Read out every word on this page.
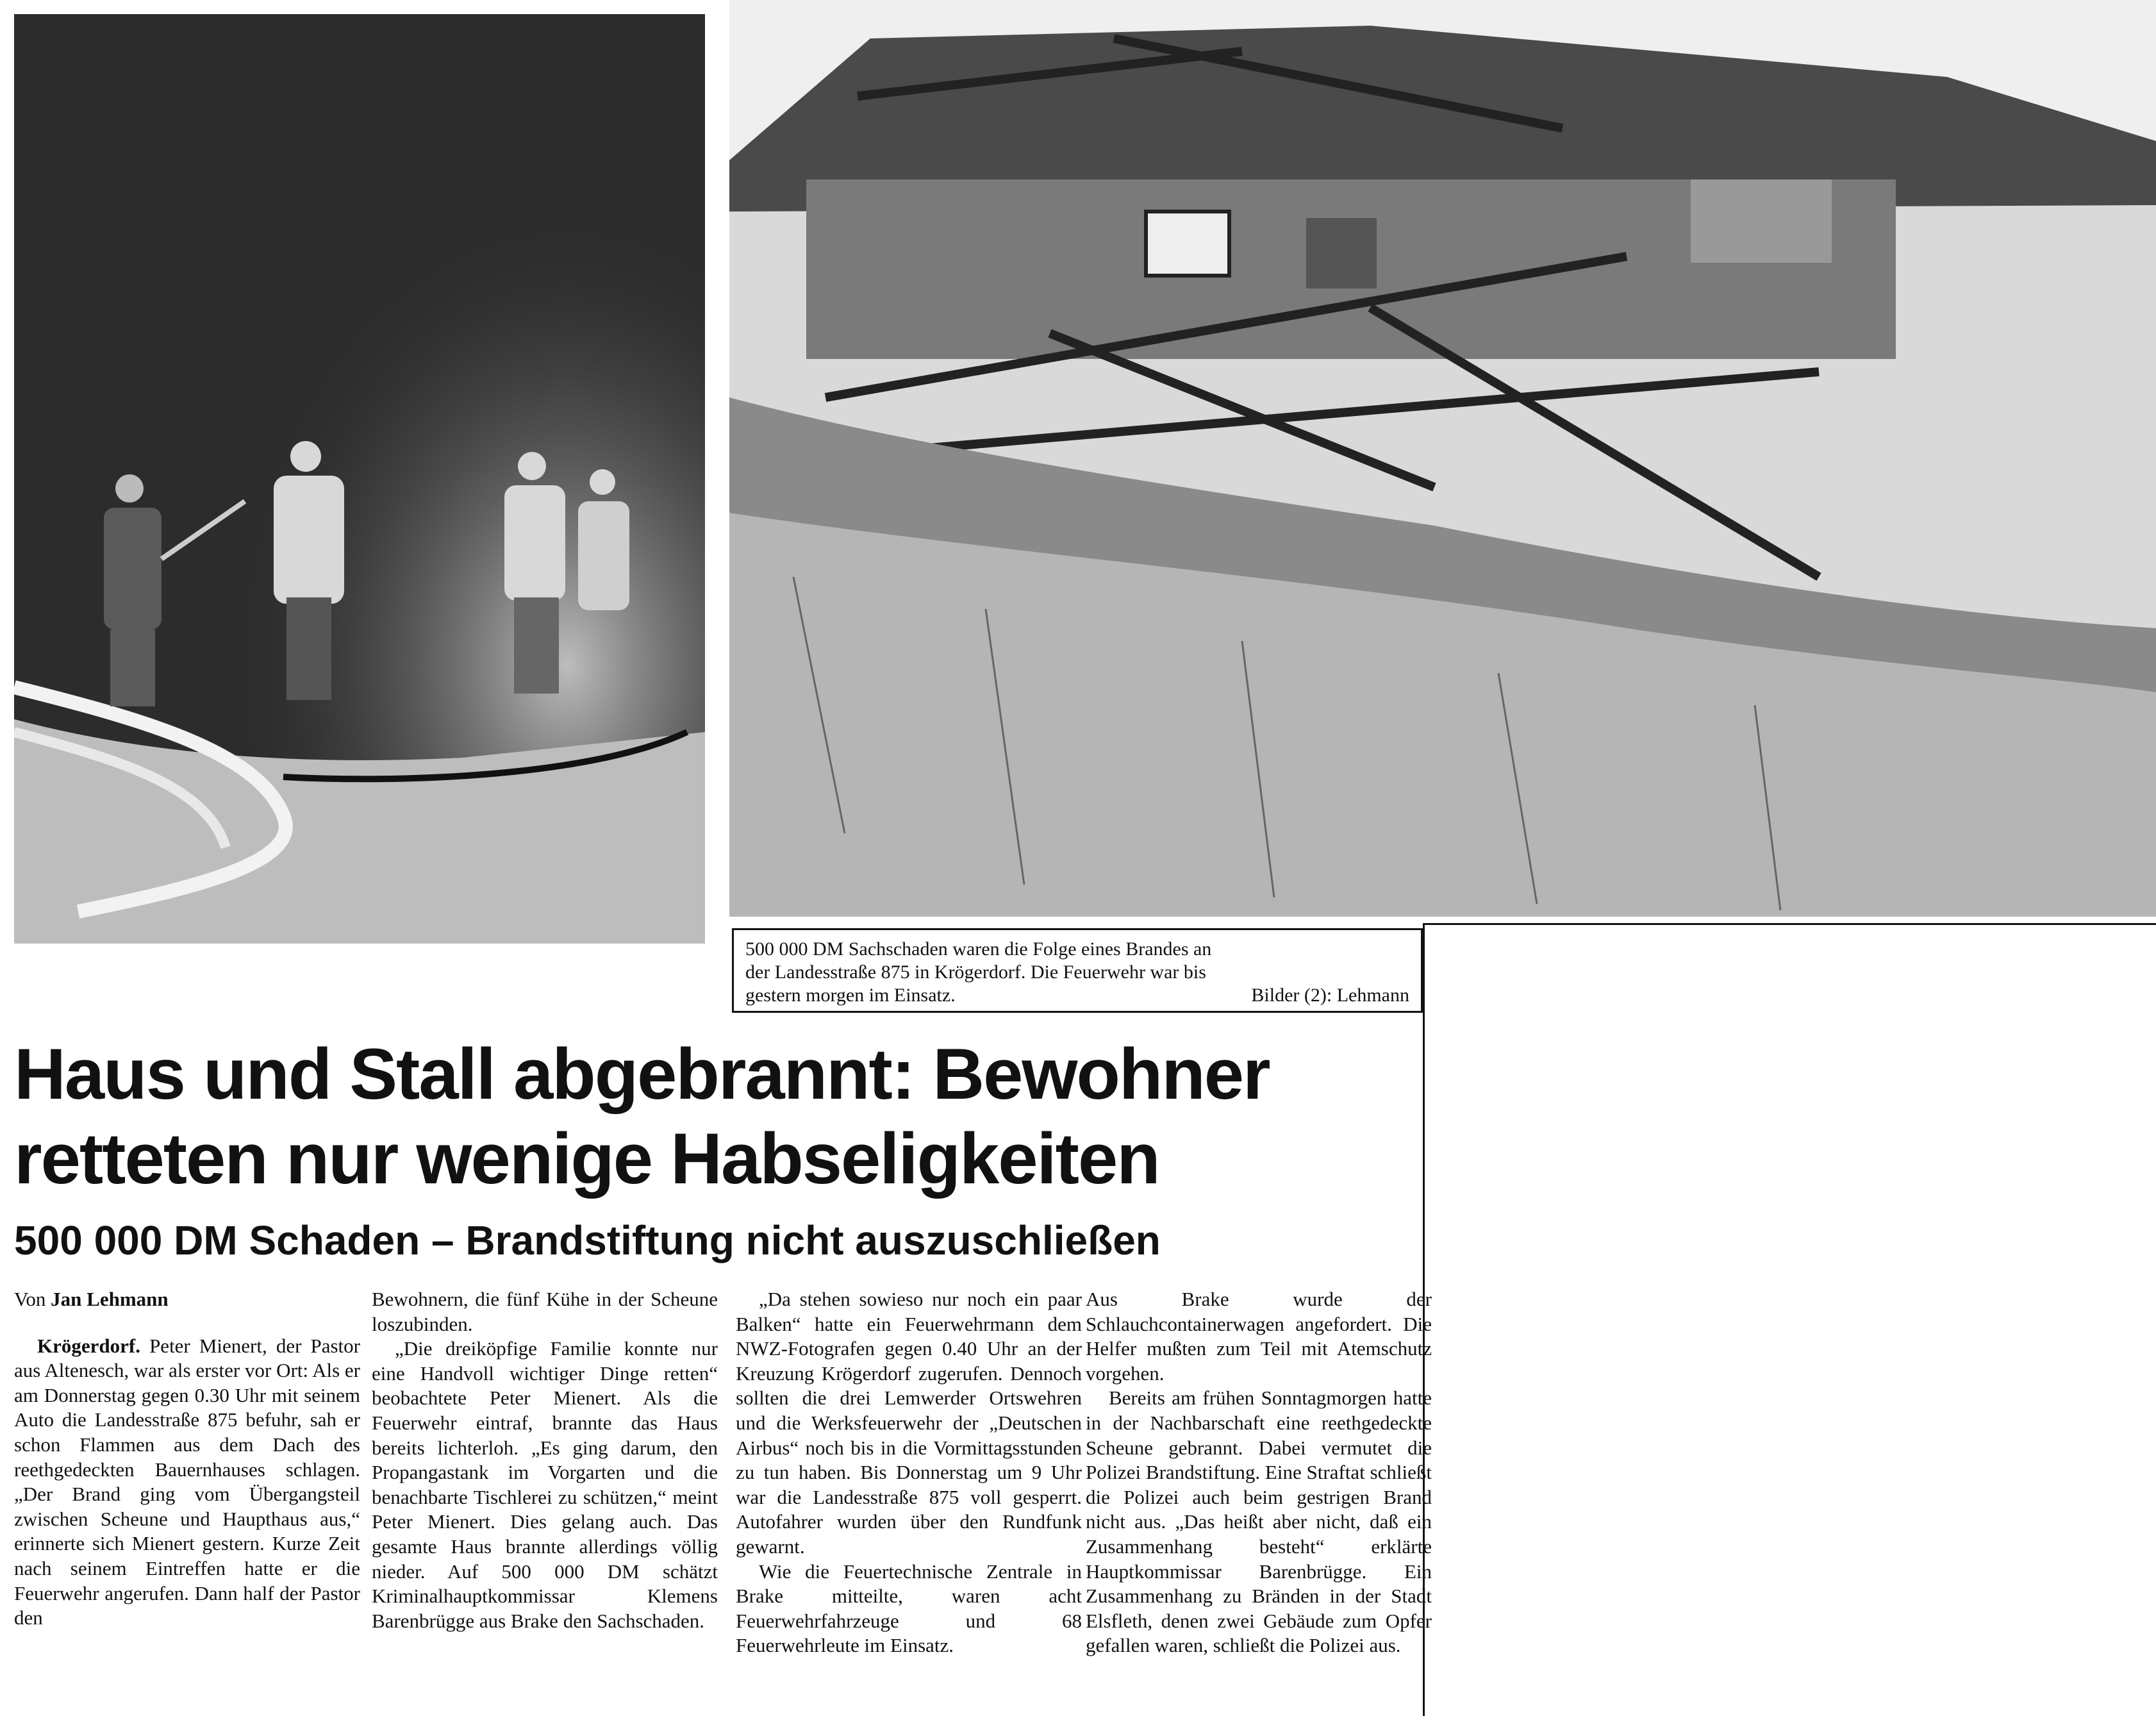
500 000 DM Sachschaden waren die Folge eines Brandes an
der Landesstraße 875 in Krögerdorf. Die Feuerwehr war bis
gestern morgen im Einsatz.	Bilder (2): Lehmann
Haus und Stall abgebrannt: Bewohner retteten nur wenige Habseligkeiten
500 000 DM Schaden – Brandstiftung nicht auszuschließen
Von Jan Lehmann

Krögerdorf. Peter Mienert, der Pastor aus Altenesch, war als erster vor Ort: Als er am Donnerstag gegen 0.30 Uhr mit seinem Auto die Landesstraße 875 befuhr, sah er schon Flammen aus dem Dach des reethgedeckten Bauernhauses schlagen. „Der Brand ging vom Übergangsteil zwischen Scheune und Haupthaus aus,“ erinnerte sich Mienert gestern. Kurze Zeit nach seinem Eintreffen hatte er die Feuerwehr angerufen. Dann half der Pastor den

Bewohnern, die fünf Kühe in der Scheune loszubinden.

„Die dreiköpfige Familie konnte nur eine Handvoll wichtiger Dinge retten“ beobachtete Peter Mienert. Als die Feuerwehr eintraf, brannte das Haus bereits lichterloh. „Es ging darum, den Propangastank im Vorgarten und die benachbarte Tischlerei zu schützen,“ meint Peter Mienert. Dies gelang auch. Das gesamte Haus brannte allerdings völlig nieder. Auf 500 000 DM schätzt Kriminalhauptkommissar Klemens Barenbrügge aus Brake den Sachschaden.

„Da stehen sowieso nur noch ein paar Balken“ hatte ein Feuerwehrmann dem NWZ-Fotografen gegen 0.40 Uhr an der Kreuzung Krögerdorf zugerufen. Dennoch sollten die drei Lemwerder Ortswehren und die Werksfeuerwehr der „Deutschen Airbus“ noch bis in die Vormittagsstunden zu tun haben. Bis Donnerstag um 9 Uhr war die Landesstraße 875 voll gesperrt. Autofahrer wurden über den Rundfunk gewarnt.

Wie die Feuertechnische Zentrale in Brake mitteilte, waren acht Feuerwehrfahrzeuge und 68 Feuerwehrleute im Einsatz.

Aus Brake wurde der Schlauchcontainerwagen angefordert. Die Helfer mußten zum Teil mit Atemschutz vorgehen.

Bereits am frühen Sonntagmorgen hatte in der Nachbarschaft eine reethgedeckte Scheune gebrannt. Dabei vermutet die Polizei Brandstiftung. Eine Straftat schließt die Polizei auch beim gestrigen Brand nicht aus. „Das heißt aber nicht, daß ein Zusammenhang besteht“ erklärte Hauptkommissar Barenbrügge. Ein Zusammenhang zu Bränden in der Stadt Elsfleth, denen zwei Gebäude zum Opfer gefallen waren, schließt die Polizei aus.
